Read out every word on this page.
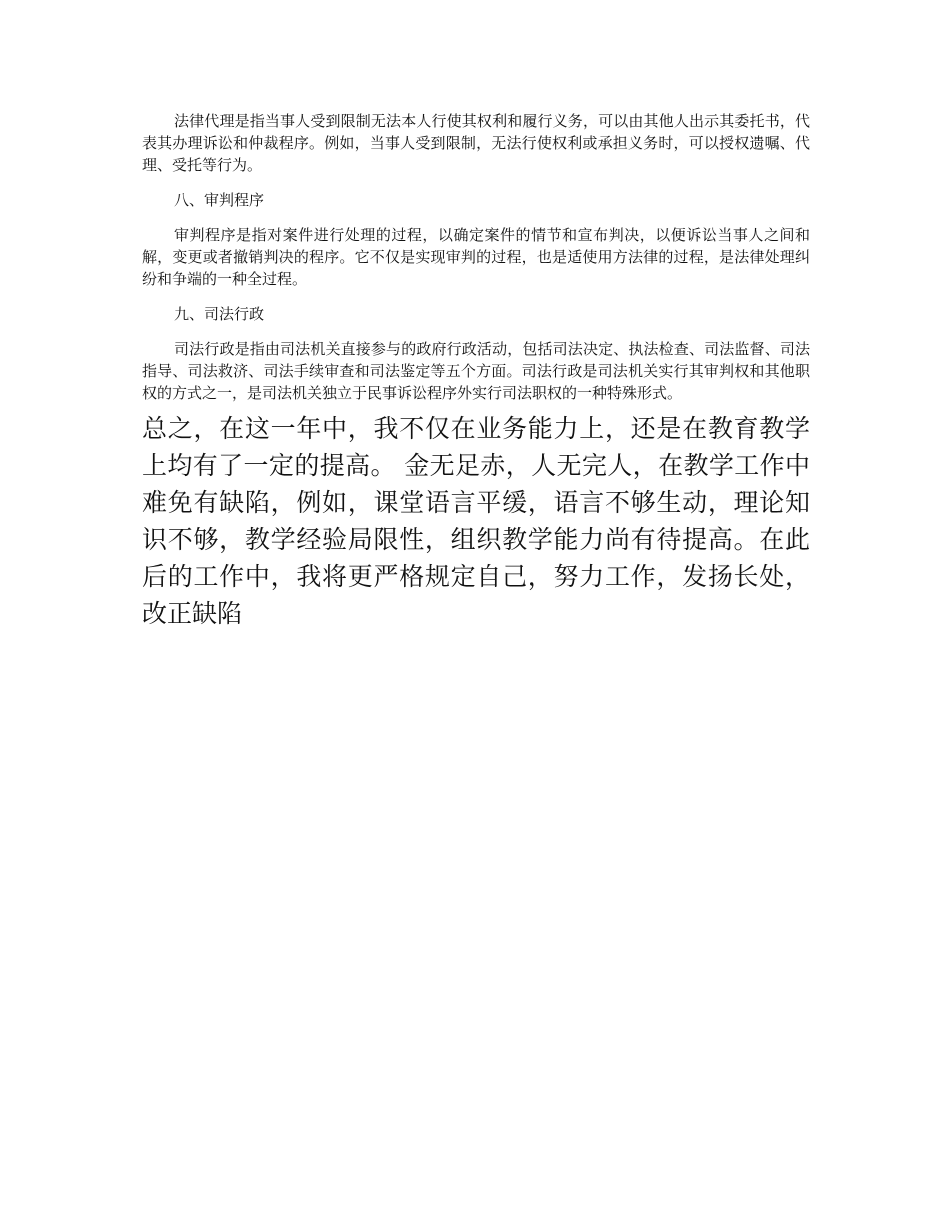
法律代理是指当事人受到限制无法本人行使其权利和履行义务，可以由其他人出示其委托书，代表其办理诉讼和仲裁程序。例如，当事人受到限制，无法行使权利或承担义务时，可以授权遗嘱、代理、受托等行为。

八、审判程序

审判程序是指对案件进行处理的过程，以确定案件的情节和宣布判决，以便诉讼当事人之间和解，变更或者撤销判决的程序。它不仅是实现审判的过程，也是适使用方法律的过程，是法律处理纠纷和争端的一种全过程。

九、司法行政

司法行政是指由司法机关直接参与的政府行政活动，包括司法决定、执法检查、司法监督、司法指导、司法救济、司法手续审查和司法鉴定等五个方面。司法行政是司法机关实行其审判权和其他职权的方式之一，是司法机关独立于民事诉讼程序外实行司法职权的一种特殊形式。

总之，在这一年中，我不仅在业务能力上，还是在教育教学上均有了一定的提高。 金无足赤，人无完人，在教学工作中难免有缺陷，例如，课堂语言平缓，语言不够生动，理论知识不够，教学经验局限性，组织教学能力尚有待提高。在此后的工作中，我将更严格规定自己，努力工作，发扬长处，改正缺陷
